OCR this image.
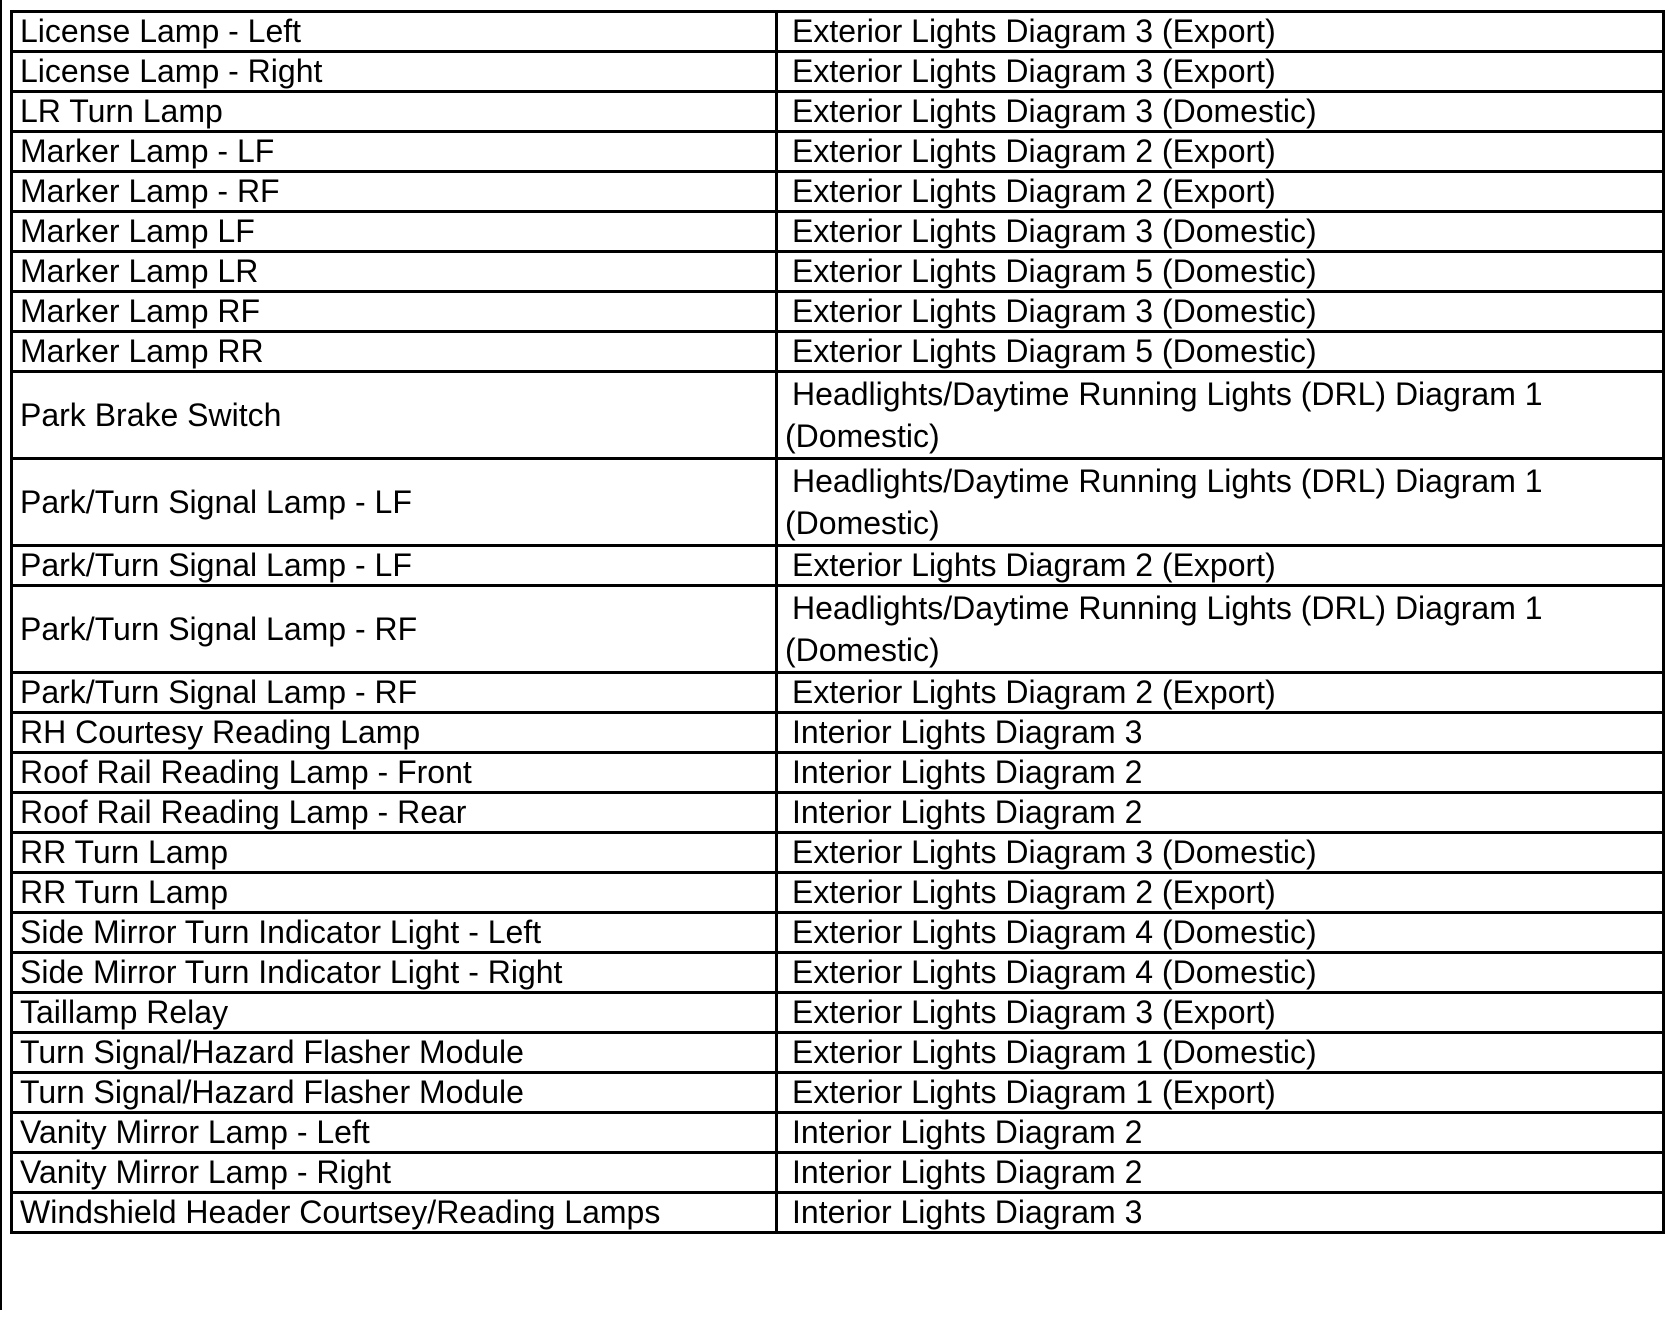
License Lamp - Left	Exterior Lights Diagram 3 (Export)
License Lamp - Right	Exterior Lights Diagram 3 (Export)
LR Turn Lamp	Exterior Lights Diagram 3 (Domestic)
Marker Lamp - LF	Exterior Lights Diagram 2 (Export)
Marker Lamp - RF	Exterior Lights Diagram 2 (Export)
Marker Lamp LF	Exterior Lights Diagram 3 (Domestic)
Marker Lamp LR	Exterior Lights Diagram 5 (Domestic)
Marker Lamp RF	Exterior Lights Diagram 3 (Domestic)
Marker Lamp RR	Exterior Lights Diagram 5 (Domestic)
Park Brake Switch	Headlights/Daytime Running Lights (DRL) Diagram 1
(Domestic)
Park/Turn Signal Lamp - LF	Headlights/Daytime Running Lights (DRL) Diagram 1
(Domestic)
Park/Turn Signal Lamp - LF	Exterior Lights Diagram 2 (Export)
Park/Turn Signal Lamp - RF	Headlights/Daytime Running Lights (DRL) Diagram 1
(Domestic)
Park/Turn Signal Lamp - RF	Exterior Lights Diagram 2 (Export)
RH Courtesy Reading Lamp	Interior Lights Diagram 3
Roof Rail Reading Lamp - Front	Interior Lights Diagram 2
Roof Rail Reading Lamp - Rear	Interior Lights Diagram 2
RR Turn Lamp	Exterior Lights Diagram 3 (Domestic)
RR Turn Lamp	Exterior Lights Diagram 2 (Export)
Side Mirror Turn Indicator Light - Left	Exterior Lights Diagram 4 (Domestic)
Side Mirror Turn Indicator Light - Right	Exterior Lights Diagram 4 (Domestic)
Taillamp Relay	Exterior Lights Diagram 3 (Export)
Turn Signal/Hazard Flasher Module	Exterior Lights Diagram 1 (Domestic)
Turn Signal/Hazard Flasher Module	Exterior Lights Diagram 1 (Export)
Vanity Mirror Lamp - Left	Interior Lights Diagram 2
Vanity Mirror Lamp - Right	Interior Lights Diagram 2
Windshield Header Courtsey/Reading Lamps	Interior Lights Diagram 3
